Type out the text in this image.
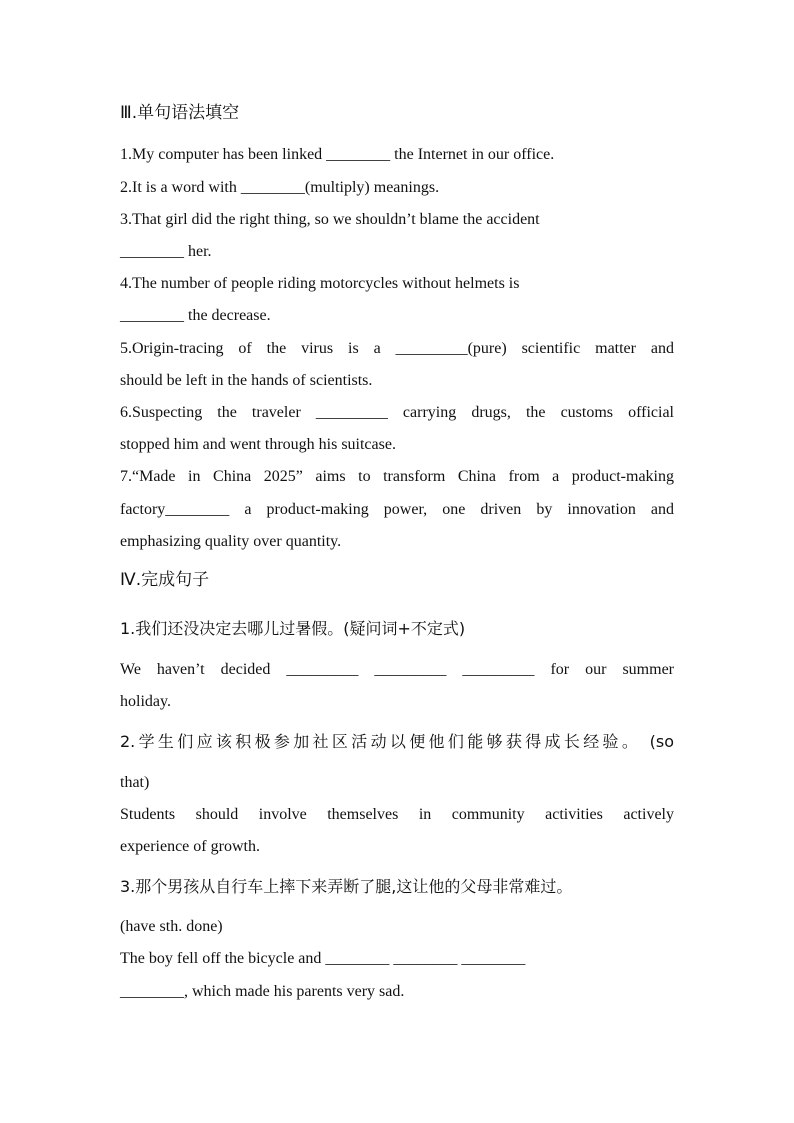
Ⅲ.单句语法填空
1.My computer has been linked ________ the Internet in our office.
2.It is a word with ________(multiply) meanings.
3.That girl did the right thing, so we shouldn’t blame the accident
________ her.
4.The number of people riding motorcycles without helmets is
________ the decrease.
5.Origin-tracing of the virus is a _________(pure) scientific matter and
should be left in the hands of scientists.
6.Suspecting the traveler _________ carrying drugs, the customs official
stopped him and went through his suitcase.
7.“Made in China 2025” aims to transform China from a product-making
factory________ a product-making power, one driven by innovation and
emphasizing quality over quantity.
Ⅳ.完成句子
1.我们还没决定去哪儿过暑假。(疑问词+不定式)
We haven’t decided _________ _________ _________ for our summer
holiday.
2.学生们应该积极参加社区活动以便他们能够获得成长经验。 (so
that)
Students should involve themselves in community activities actively
experience of growth.
3.那个男孩从自行车上摔下来弄断了腿,这让他的父母非常难过。
(have sth. done)
The boy fell off the bicycle and ________ ________ ________
________, which made his parents very sad.
